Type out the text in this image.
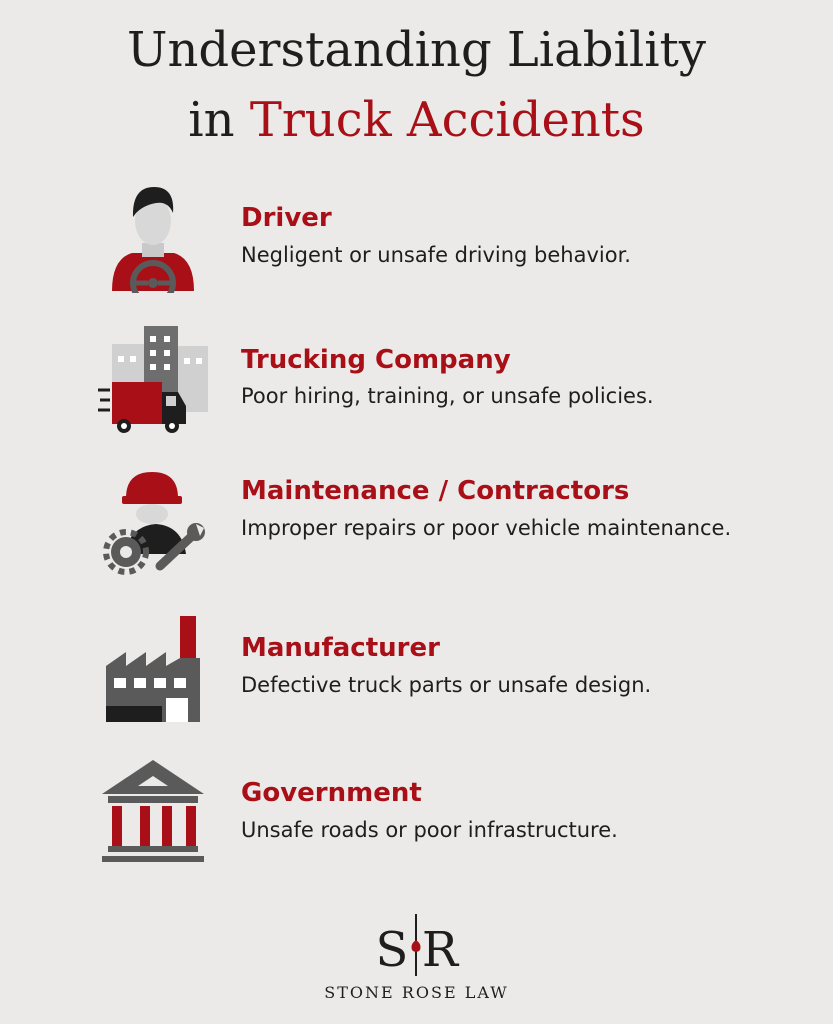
Understanding Liability
in Truck Accidents
Driver
Negligent or unsafe driving behavior.
Trucking Company
Poor hiring, training, or unsafe policies.
Maintenance / Contractors
Improper repairs or poor vehicle maintenance.
Manufacturer
Defective truck parts or unsafe design.
Government
Unsafe roads or poor infrastructure.
S R
STONE ROSE LAW
